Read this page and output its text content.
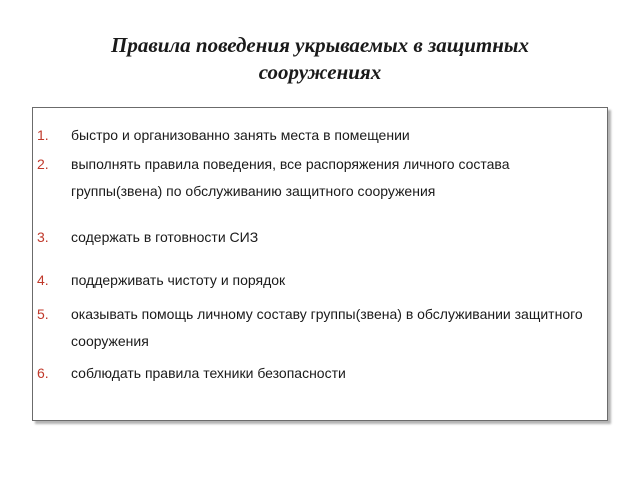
Правила поведения укрываемых в защитных сооружениях
1.	быстро и организованно занять места в помещении
2.	выполнять правила поведения, все распоряжения личного состава группы(звена) по обслуживанию защитного сооружения
3.	содержать в готовности СИЗ
4.	поддерживать чистоту и порядок
5.	оказывать помощь личному составу группы(звена) в обслуживании защитного сооружения
6.	соблюдать правила техники безопасности
